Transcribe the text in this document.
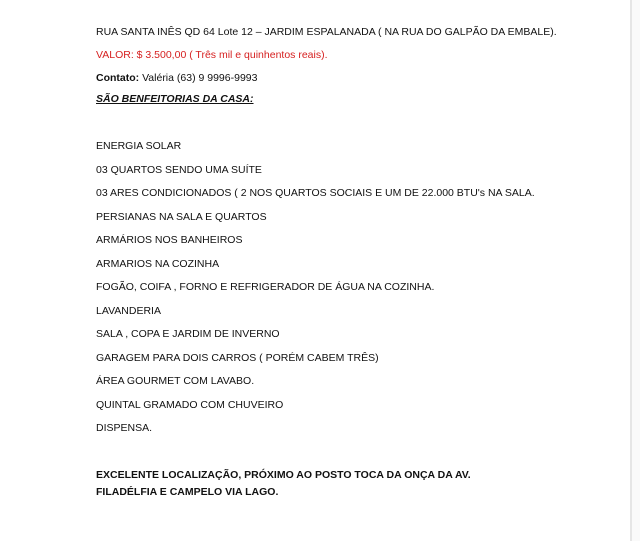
RUA SANTA INÊS QD 64 Lote 12 – JARDIM ESPALANADA ( NA RUA DO GALPÃO DA EMBALE).

VALOR: $ 3.500,00 ( Três mil e quinhentos reais).

Contato: Valéria (63) 9 9996-9993

SÃO BENFEITORIAS DA CASA:

ENERGIA SOLAR

03 QUARTOS SENDO UMA SUÍTE

03 ARES CONDICIONADOS ( 2 NOS QUARTOS SOCIAIS E UM DE 22.000 BTU's NA SALA.

PERSIANAS NA SALA E QUARTOS

ARMÁRIOS NOS BANHEIROS

ARMARIOS NA COZINHA

FOGÃO, COIFA , FORNO E REFRIGERADOR DE ÁGUA NA COZINHA.

LAVANDERIA

SALA , COPA E JARDIM DE INVERNO

GARAGEM PARA DOIS CARROS ( PORÉM CABEM TRÊS)

ÁREA GOURMET COM LAVABO.

QUINTAL GRAMADO COM CHUVEIRO

DISPENSA.

EXCELENTE LOCALIZAÇÃO, PRÓXIMO AO POSTO TOCA DA ONÇA DA AV. FILADÉLFIA E CAMPELO VIA LAGO.
